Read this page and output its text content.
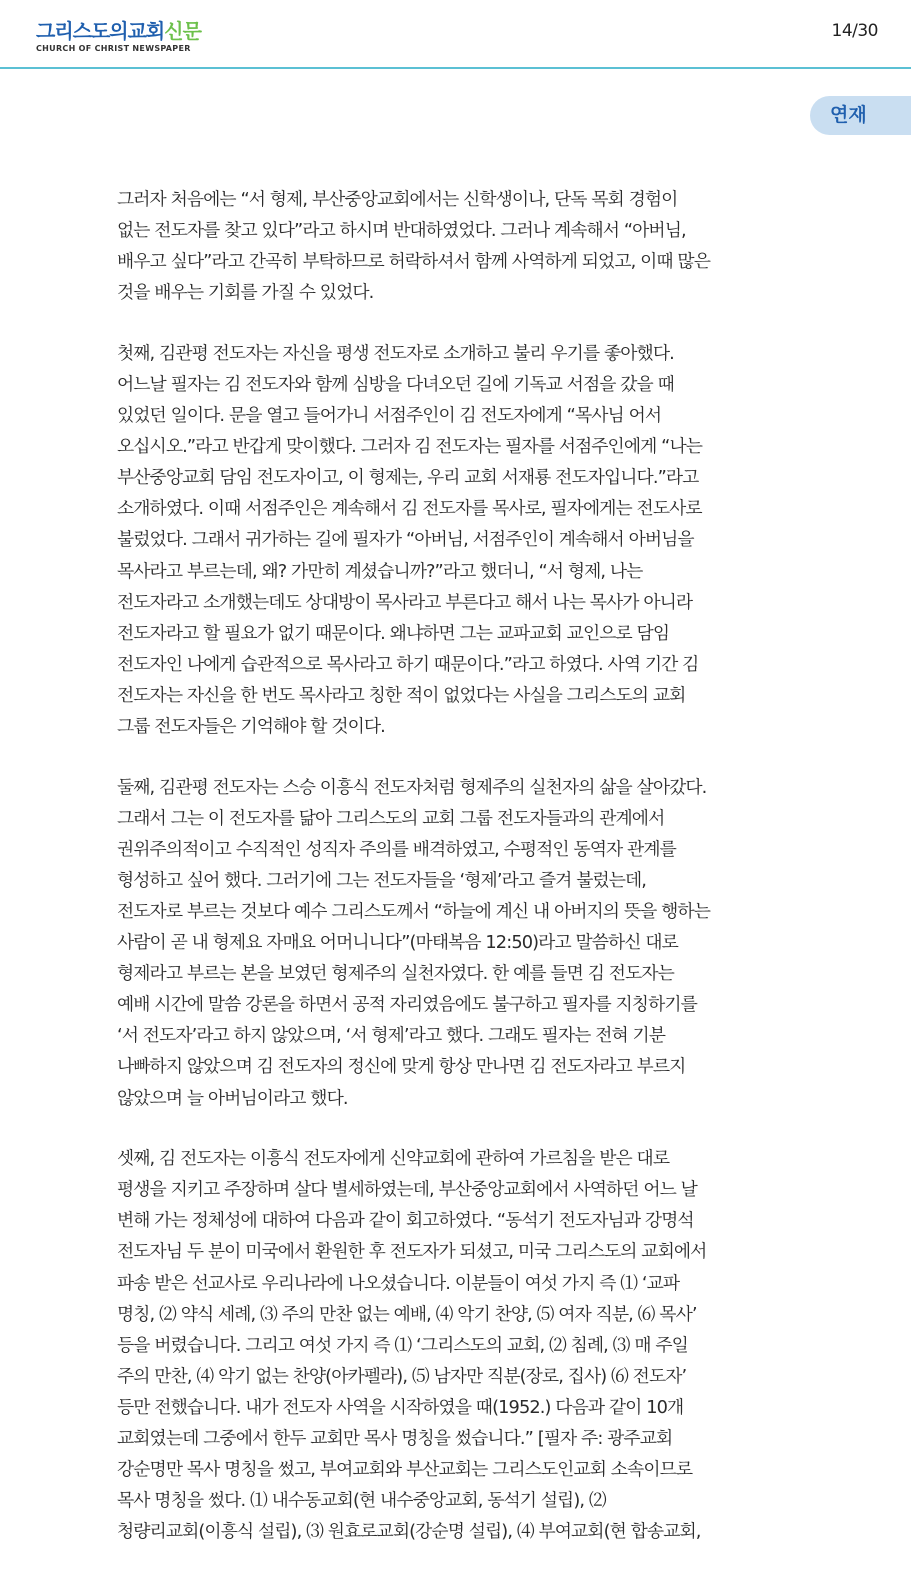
그리스도의교회신문
CHURCH OF CHRIST NEWSPAPER
14/30
연재

그러자 처음에는 “서 형제, 부산중앙교회에서는 신학생이나, 단독 목회 경험이
없는 전도자를 찾고 있다”라고 하시며 반대하였었다. 그러나 계속해서 “아버님,
배우고 싶다”라고 간곡히 부탁하므로 허락하셔서 함께 사역하게 되었고, 이때 많은
것을 배우는 기회를 가질 수 있었다.

첫째, 김관평 전도자는 자신을 평생 전도자로 소개하고 불리 우기를 좋아했다.
어느날 필자는 김 전도자와 함께 심방을 다녀오던 길에 기독교 서점을 갔을 때
있었던 일이다. 문을 열고 들어가니 서점주인이 김 전도자에게 “목사님 어서
오십시오.”라고 반갑게 맞이했다. 그러자 김 전도자는 필자를 서점주인에게 “나는
부산중앙교회 담임 전도자이고, 이 형제는, 우리 교회 서재룡 전도자입니다.”라고
소개하였다. 이때 서점주인은 계속해서 김 전도자를 목사로, 필자에게는 전도사로
불렀었다. 그래서 귀가하는 길에 필자가 “아버님, 서점주인이 계속해서 아버님을
목사라고 부르는데, 왜? 가만히 계셨습니까?”라고 했더니, “서 형제, 나는
전도자라고 소개했는데도 상대방이 목사라고 부른다고 해서 나는 목사가 아니라
전도자라고 할 필요가 없기 때문이다. 왜냐하면 그는 교파교회 교인으로 담임
전도자인 나에게 습관적으로 목사라고 하기 때문이다.”라고 하였다. 사역 기간 김
전도자는 자신을 한 번도 목사라고 칭한 적이 없었다는 사실을 그리스도의 교회
그룹 전도자들은 기억해야 할 것이다.

둘째, 김관평 전도자는 스승 이흥식 전도자처럼 형제주의 실천자의 삶을 살아갔다.
그래서 그는 이 전도자를 닮아 그리스도의 교회 그룹 전도자들과의 관계에서
권위주의적이고 수직적인 성직자 주의를 배격하였고, 수평적인 동역자 관계를
형성하고 싶어 했다. 그러기에 그는 전도자들을 ‘형제’라고 즐겨 불렀는데,
전도자로 부르는 것보다 예수 그리스도께서 “하늘에 계신 내 아버지의 뜻을 행하는
사람이 곧 내 형제요 자매요 어머니니다”(마태복음 12:50)라고 말씀하신 대로
형제라고 부르는 본을 보였던 형제주의 실천자였다. 한 예를 들면 김 전도자는
예배 시간에 말씀 강론을 하면서 공적 자리였음에도 불구하고 필자를 지칭하기를
‘서 전도자’라고 하지 않았으며, ‘서 형제’라고 했다. 그래도 필자는 전혀 기분
나빠하지 않았으며 김 전도자의 정신에 맞게 항상 만나면 김 전도자라고 부르지
않았으며 늘 아버님이라고 했다.

셋째, 김 전도자는 이흥식 전도자에게 신약교회에 관하여 가르침을 받은 대로
평생을 지키고 주장하며 살다 별세하였는데, 부산중앙교회에서 사역하던 어느 날
변해 가는 정체성에 대하여 다음과 같이 회고하였다. “동석기 전도자님과 강명석
전도자님 두 분이 미국에서 환원한 후 전도자가 되셨고, 미국 그리스도의 교회에서
파송 받은 선교사로 우리나라에 나오셨습니다. 이분들이 여섯 가지 즉 ⑴ ‘교파
명칭, ⑵ 약식 세례, ⑶ 주의 만찬 없는 예배, ⑷ 악기 찬양, ⑸ 여자 직분, ⑹ 목사’
등을 버렸습니다. 그리고 여섯 가지 즉 ⑴ ‘그리스도의 교회, ⑵ 침례, ⑶ 매 주일
주의 만찬, ⑷ 악기 없는 찬양(아카펠라), ⑸ 남자만 직분(장로, 집사) ⑹ 전도자’
등만 전했습니다. 내가 전도자 사역을 시작하였을 때(1952.) 다음과 같이 10개
교회였는데 그중에서 한두 교회만 목사 명칭을 썼습니다.” [필자 주: 광주교회
강순명만 목사 명칭을 썼고, 부여교회와 부산교회는 그리스도인교회 소속이므로
목사 명칭을 썼다. ⑴ 내수동교회(현 내수중앙교회, 동석기 설립), ⑵
청량리교회(이흥식 설립), ⑶ 원효로교회(강순명 설립), ⑷ 부여교회(현 합송교회,
